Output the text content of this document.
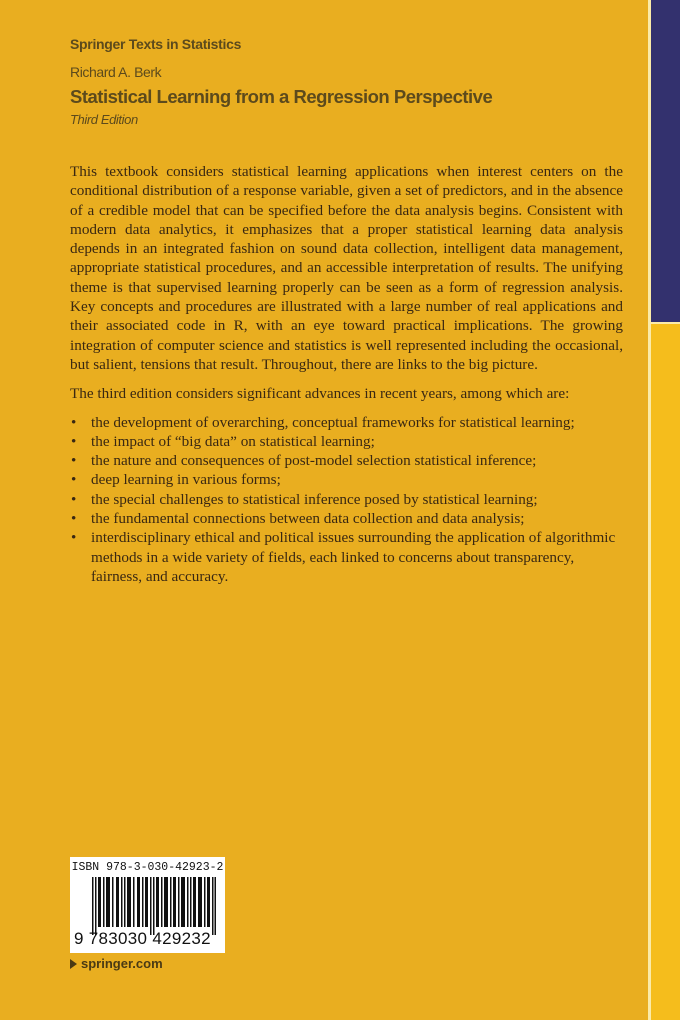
Springer Texts in Statistics
Richard A. Berk
Statistical Learning from a Regression Perspective
Third Edition

This textbook considers statistical learning applications when interest centers on the conditional distribution of a response variable, given a set of predictors, and in the absence of a credible model that can be specified before the data analysis begins. Consistent with modern data analytics, it emphasizes that a proper statistical learning data analysis depends in an integrated fashion on sound data collection, intelligent data management, appropriate statistical procedures, and an accessible interpretation of results. The unifying theme is that supervised learning properly can be seen as a form of regression analysis. Key concepts and procedures are illustrated with a large number of real applications and their associated code in R, with an eye toward practical implications. The growing integration of computer science and statistics is well represented including the occasional, but salient, tensions that result. Throughout, there are links to the big picture.

The third edition considers significant advances in recent years, among which are:

• the development of overarching, conceptual frameworks for statistical learning;
• the impact of “big data” on statistical learning;
• the nature and consequences of post-model selection statistical inference;
• deep learning in various forms;
• the special challenges to statistical inference posed by statistical learning;
• the fundamental connections between data collection and data analysis;
• interdisciplinary ethical and political issues surrounding the application of algorithmic methods in a wide variety of fields, each linked to concerns about transparency, fairness, and accuracy.
ISBN 978-3-030-42923-2
9 783030 429232
springer.com
